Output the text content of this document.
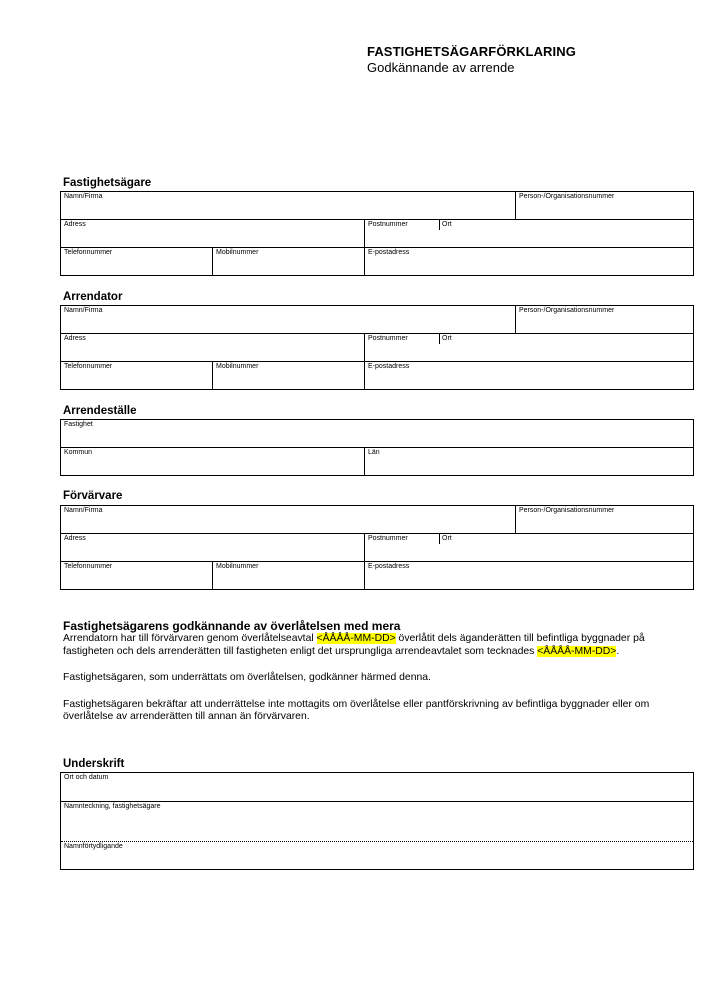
FASTIGHETSÄGARFÖRKLARING
Godkännande av arrende
Fastighetsägare
Namn/Firma	Person-/Organisationsnummer
Adress	Postnummer	Ort
Telefonnummer	Mobilnummer	E-postadress
Arrendator
Namn/Firma	Person-/Organisationsnummer
Adress	Postnummer	Ort
Telefonnummer	Mobilnummer	E-postadress
Arrendeställe
Fastighet
Kommun	Län
Förvärvare
Namn/Firma	Person-/Organisationsnummer
Adress	Postnummer	Ort
Telefonnummer	Mobilnummer	E-postadress
Fastighetsägarens godkännande av överlåtelsen med mera

Arrendatorn har till förvärvaren genom överlåtelseavtal <ÅÅÅÅ-MM-DD> överlåtit dels äganderätten till befintliga byggnader på fastigheten och dels arrenderätten till fastigheten enligt det ursprungliga arrendeavtalet som tecknades <ÅÅÅÅ-MM-DD>.

Fastighetsägaren, som underrättats om överlåtelsen, godkänner härmed denna.

Fastighetsägaren bekräftar att underrättelse inte mottagits om överlåtelse eller pantförskrivning av befintliga byggnader eller om överlåtelse av arrenderätten till annan än förvärvaren.

Underskrift
Ort och datum
Namnteckning, fastighetsägare
Namnförtydligande
